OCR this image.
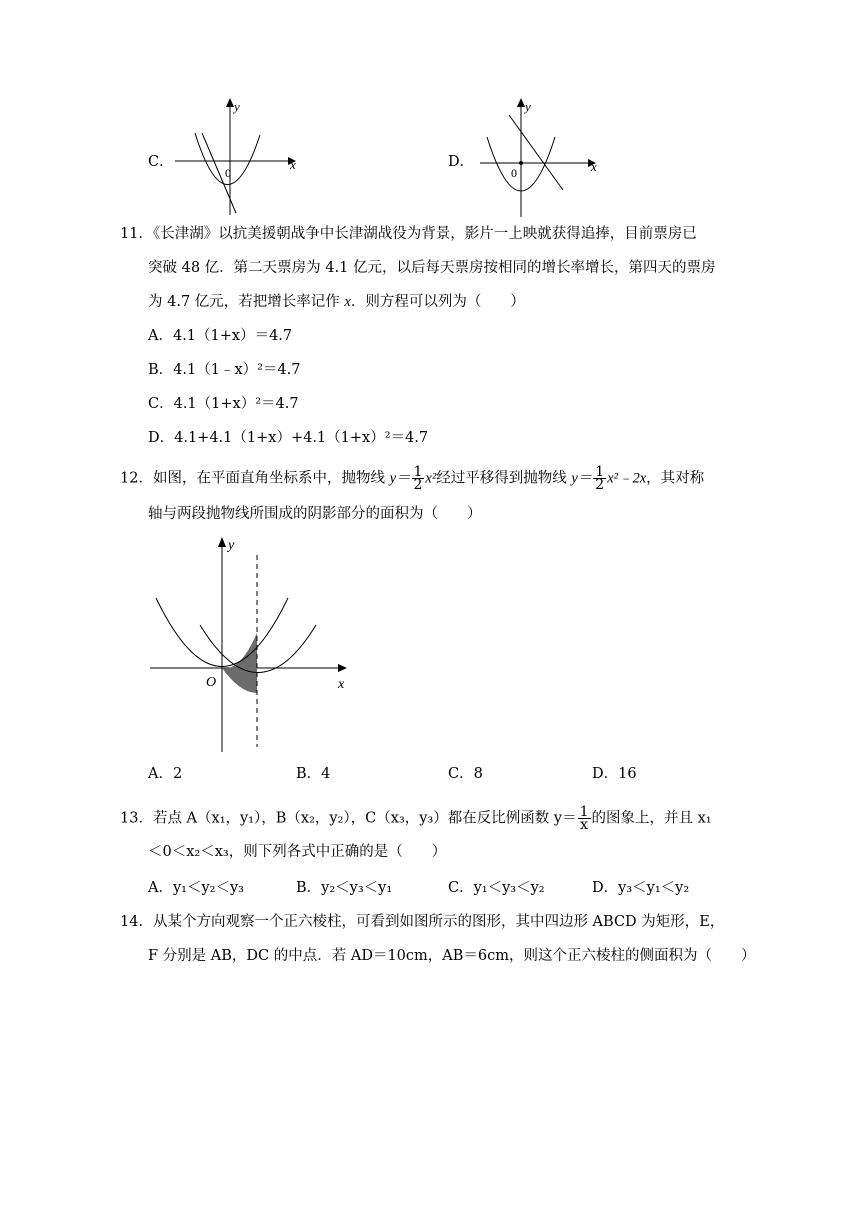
C．
y
x
0
D．
y
x
0
11．《长津湖》以抗美援朝战争中长津湖战役为背景，影片一上映就获得追捧，目前票房已
突破 48 亿．第二天票房为 4.1 亿元，以后每天票房按相同的增长率增长，第四天的票房
为 4.7 亿元，若把增长率记作 x．则方程可以列为（　　）
A．4.1（1+x）＝4.7
B．4.1（1﹣x）²＝4.7
C．4.1（1+x）²＝4.7
D．4.1+4.1（1+x）+4.1（1+x）²＝4.7
12．如图，在平面直角坐标系中，抛物线 $y= \frac{1}{2} x^2$经过平移得到抛物线 $y= \frac{1}{2}$ x²﹣2x，其对称
轴与两段抛物线所围成的阴影部分的面积为（　　）
y
x
O
A．2	B．4	C．8	D．16
13．若点 A（x₁，y₁），B（x₂，y₂），C（x₃，y₃）都在反比例函数 $y= \frac{1}{x}$ 的图象上，并且 x₁
＜0＜x₂＜x₃，则下列各式中正确的是（　　）
A．y₁＜y₂＜y₃	B．y₂＜y₃＜y₁	C．y₁＜y₃＜y₂	D．y₃＜y₁＜y₂
14．从某个方向观察一个正六棱柱，可看到如图所示的图形，其中四边形 ABCD 为矩形，E，
F 分别是 AB，DC 的中点．若 AD＝10cm，AB＝6cm，则这个正六棱柱的侧面积为（　　）
